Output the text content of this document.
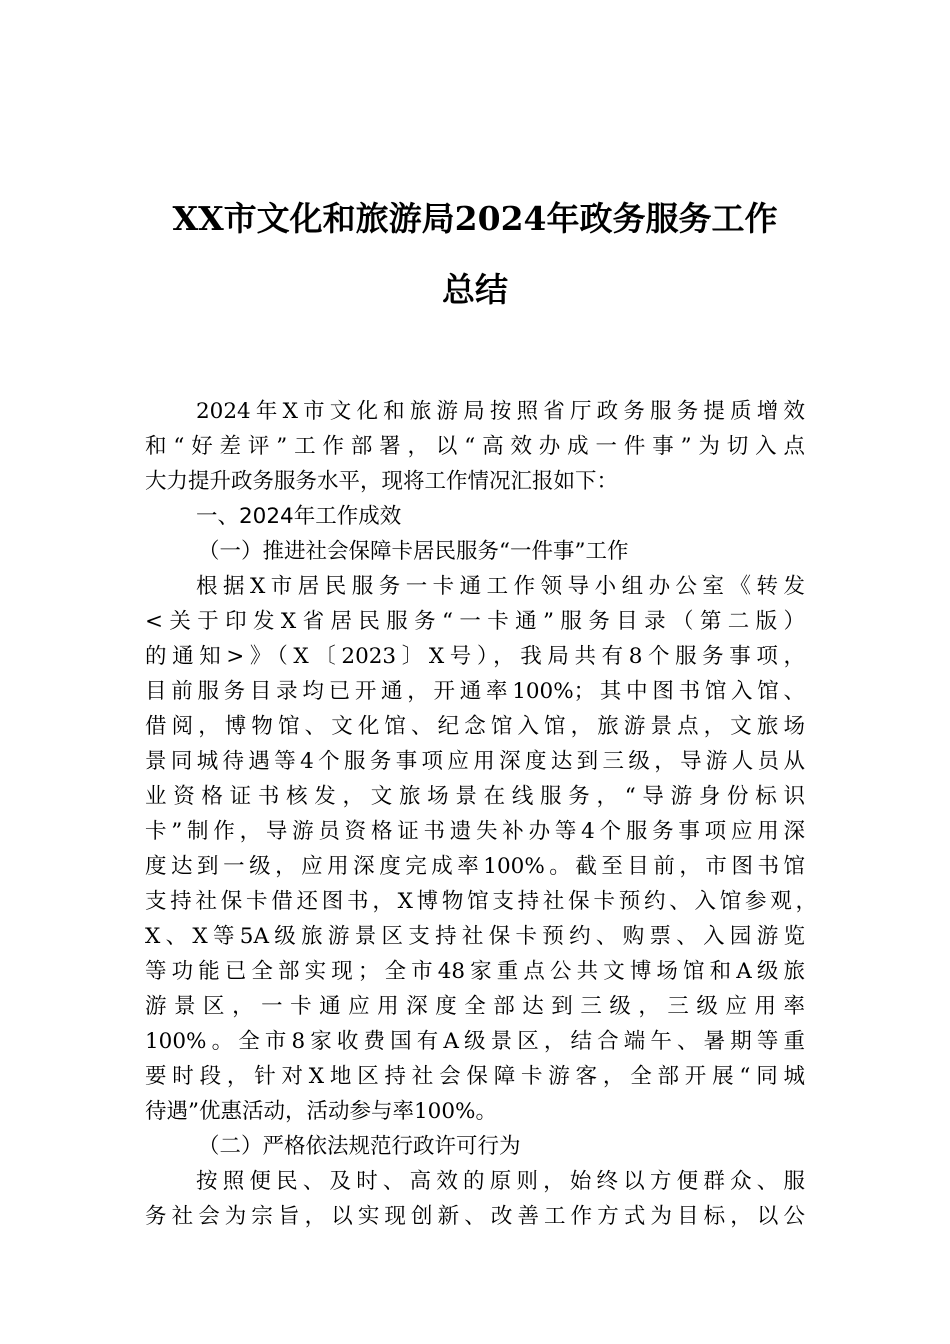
XX市文化和旅游局2024年政务服务工作
总结
2024年X市文化和旅游局按照省厅政务服务提质增效
和“好差评”工作部署，以“高效办成一件事”为切入点
大力提升政务服务水平，现将工作情况汇报如下：
一、2024年工作成效
（一）推进社会保障卡居民服务“一件事”工作
根据X市居民服务一卡通工作领导小组办公室《转发
<关于印发X省居民服务“一卡通”服务目录（第二版）
的通知>》（X〔2023〕X号），我局共有8个服务事项，
目前服务目录均已开通，开通率100%；其中图书馆入馆、
借阅，博物馆、文化馆、纪念馆入馆，旅游景点，文旅场
景同城待遇等4个服务事项应用深度达到三级，导游人员从
业资格证书核发，文旅场景在线服务，“导游身份标识
卡”制作，导游员资格证书遗失补办等4个服务事项应用深
度达到一级，应用深度完成率100%。截至目前，市图书馆
支持社保卡借还图书，X博物馆支持社保卡预约、入馆参观，
X、X等5A级旅游景区支持社保卡预约、购票、入园游览
等功能已全部实现；全市48家重点公共文博场馆和A级旅
游景区，一卡通应用深度全部达到三级，三级应用率
100%。全市8家收费国有A级景区，结合端午、暑期等重
要时段，针对X地区持社会保障卡游客，全部开展“同城
待遇”优惠活动，活动参与率100%。
（二）严格依法规范行政许可行为
按照便民、及时、高效的原则，始终以方便群众、服
务社会为宗旨，以实现创新、改善工作方式为目标，以公
